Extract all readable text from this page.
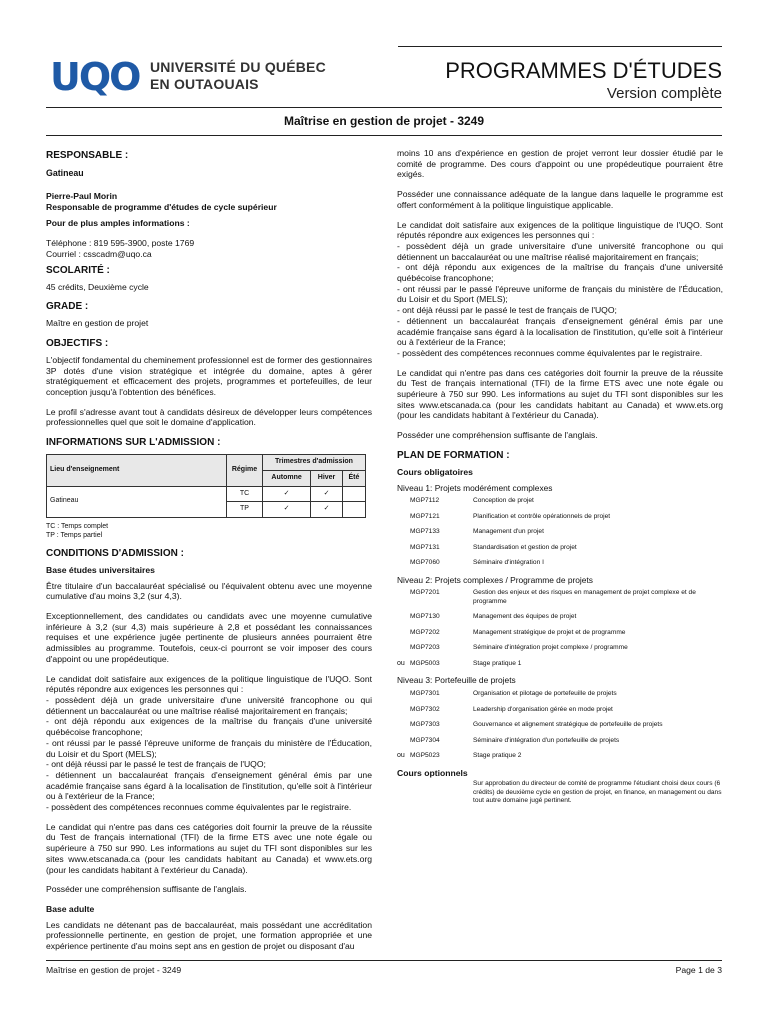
UQO UNIVERSITÉ DU QUÉBEC
EN OUTAOUAIS
PROGRAMMES D'ÉTUDES
Version complète
Maîtrise en gestion de projet - 3249
RESPONSABLE :
Gatineau
Pierre-Paul Morin
Responsable de programme d'études de cycle supérieur
Pour de plus amples informations :
Téléphone : 819 595-3900, poste 1769
Courriel : csscadm@uqo.ca
SCOLARITÉ :
45 crédits, Deuxième cycle
GRADE :
Maître en gestion de projet
OBJECTIFS :
L'objectif fondamental du cheminement professionnel est de former des gestionnaires 3P dotés d'une vision stratégique et intégrée du domaine, aptes à gérer stratégiquement et efficacement des projets, programmes et portefeuilles, de leur conception jusqu'à l'obtention des bénéfices.
Le profil s'adresse avant tout à candidats désireux de développer leurs compétences professionnelles quel que soit le domaine d'application.
INFORMATIONS SUR L'ADMISSION :
Lieu d'enseignement	Régime	Trimestres d'admission		
		Automne	Hiver	Été
Gatineau	TC	✓	✓	
	TP	✓	✓	
TC : Temps complet
TP : Temps partiel
CONDITIONS D'ADMISSION :
Base études universitaires
Être titulaire d'un baccalauréat spécialisé ou l'équivalent obtenu avec une moyenne cumulative d'au moins 3,2 (sur 4,3).
Exceptionnellement, des candidates ou candidats avec une moyenne cumulative inférieure à 3,2 (sur 4,3) mais supérieure à 2,8 et possédant les connaissances requises et une expérience jugée pertinente de plusieurs années pourraient être admissibles au programme. Toutefois, ceux-ci pourront se voir imposer des cours d'appoint ou une propédeutique.
Le candidat doit satisfaire aux exigences de la politique linguistique de l'UQO. Sont réputés répondre aux exigences les personnes qui :
- possèdent déjà un grade universitaire d'une université francophone ou qui détiennent un baccalauréat ou une maîtrise réalisé majoritairement en français;
- ont déjà répondu aux exigences de la maîtrise du français d'une université québécoise francophone;
- ont réussi par le passé l'épreuve uniforme de français du ministère de l'Éducation, du Loisir et du Sport (MELS);
- ont déjà réussi par le passé le test de français de l'UQO;
- détiennent un baccalauréat français d'enseignement général émis par une académie française sans égard à la localisation de l'institution, qu'elle soit à l'intérieur ou à l'extérieur de la France;
- possèdent des compétences reconnues comme équivalentes par le registraire.
Le candidat qui n'entre pas dans ces catégories doit fournir la preuve de la réussite du Test de français international (TFI) de la firme ETS avec une note égale ou supérieure à 750 sur 990. Les informations au sujet du TFI sont disponibles sur les sites www.etscanada.ca (pour les candidats habitant au Canada) et www.ets.org (pour les candidats habitant à l'extérieur du Canada).
Posséder une compréhension suffisante de l'anglais.
Base adulte
Les candidats ne détenant pas de baccalauréat, mais possédant une accréditation professionnelle pertinente, en gestion de projet, une formation appropriée et une expérience pertinente d'au moins sept ans en gestion de projet ou disposant d'au
moins 10 ans d'expérience en gestion de projet verront leur dossier étudié par le comité de programme. Des cours d'appoint ou une propédeutique pourraient être exigés.
Posséder une connaissance adéquate de la langue dans laquelle le programme est offert conformément à la politique linguistique applicable.
Le candidat doit satisfaire aux exigences de la politique linguistique de l'UQO. Sont réputés répondre aux exigences les personnes qui :
- possèdent déjà un grade universitaire d'une université francophone ou qui détiennent un baccalauréat ou une maîtrise réalisé majoritairement en français;
- ont déjà répondu aux exigences de la maîtrise du français d'une université québécoise francophone;
- ont réussi par le passé l'épreuve uniforme de français du ministère de l'Éducation, du Loisir et du Sport (MELS);
- ont déjà réussi par le passé le test de français de l'UQO;
- détiennent un baccalauréat français d'enseignement général émis par une académie française sans égard à la localisation de l'institution, qu'elle soit à l'intérieur ou à l'extérieur de la France;
- possèdent des compétences reconnues comme équivalentes par le registraire.
Le candidat qui n'entre pas dans ces catégories doit fournir la preuve de la réussite du Test de français international (TFI) de la firme ETS avec une note égale ou supérieure à 750 sur 990. Les informations au sujet du TFI sont disponibles sur les sites www.etscanada.ca (pour les candidats habitant au Canada) et www.ets.org (pour les candidats habitant à l'extérieur du Canada).
Posséder une compréhension suffisante de l'anglais.
PLAN DE FORMATION :
Cours obligatoires
Niveau 1: Projets modérément complexes
MGP7112	Conception de projet
MGP7121	Planification et contrôle opérationnels de projet
MGP7133	Management d'un projet
MGP7131	Standardisation et gestion de projet
MGP7060	Séminaire d'intégration I
Niveau 2: Projets complexes / Programme de projets
MGP7201	Gestion des enjeux et des risques en management de projet complexe et de programme
MGP7130	Management des équipes de projet
MGP7202	Management stratégique de projet et de programme
MGP7203	Séminaire d'intégration projet complexe / programme
ou MGP5003	Stage pratique 1
Niveau 3: Portefeuille de projets
MGP7301	Organisation et pilotage de portefeuille de projets
MGP7302	Leadership d'organisation gérée en mode projet
MGP7303	Gouvernance et alignement stratégique de portefeuille de projets
MGP7304	Séminaire d'intégration d'un portefeuille de projets
ou MGP5023	Stage pratique 2
Cours optionnels
Sur approbation du directeur de comité de programme l'étudiant choisi deux cours (6 crédits) de deuxième cycle en gestion de projet, en finance, en management ou dans tout autre domaine jugé pertinent.
Maîtrise en gestion de projet - 3249	Page 1 de 3
